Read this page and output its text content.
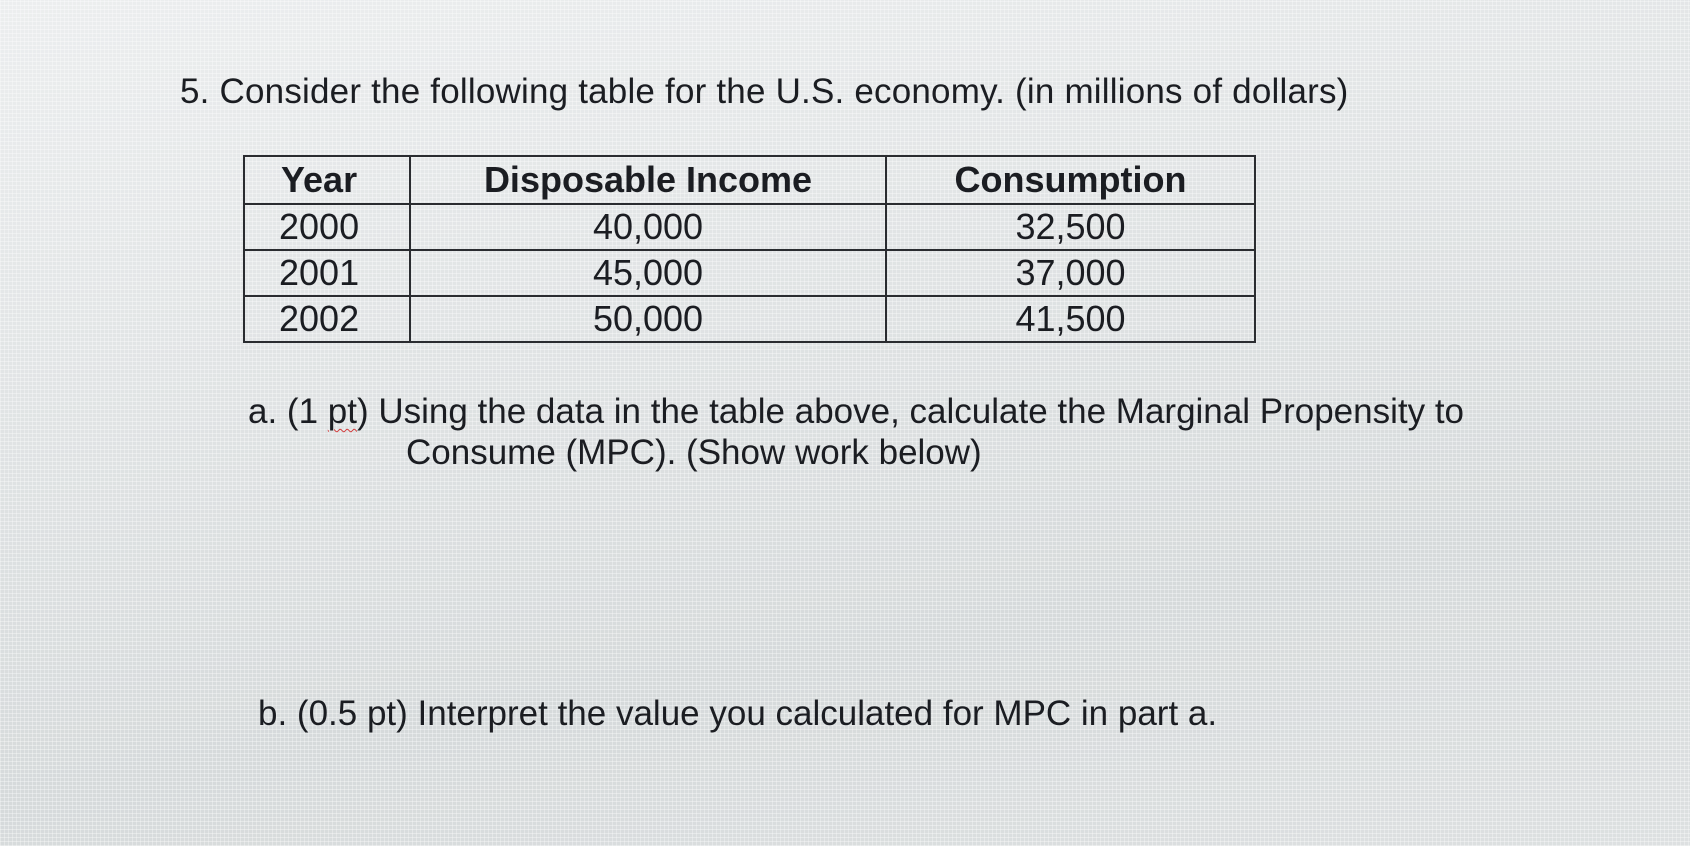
5. Consider the following table for the U.S. economy. (in millions of dollars)
Year	Disposable Income	Consumption
2000	40,000	32,500
2001	45,000	37,000
2002	50,000	41,500
a. (1 pt) Using the data in the table above, calculate the Marginal Propensity to
Consume (MPC). (Show work below)
b. (0.5 pt) Interpret the value you calculated for MPC in part a.
